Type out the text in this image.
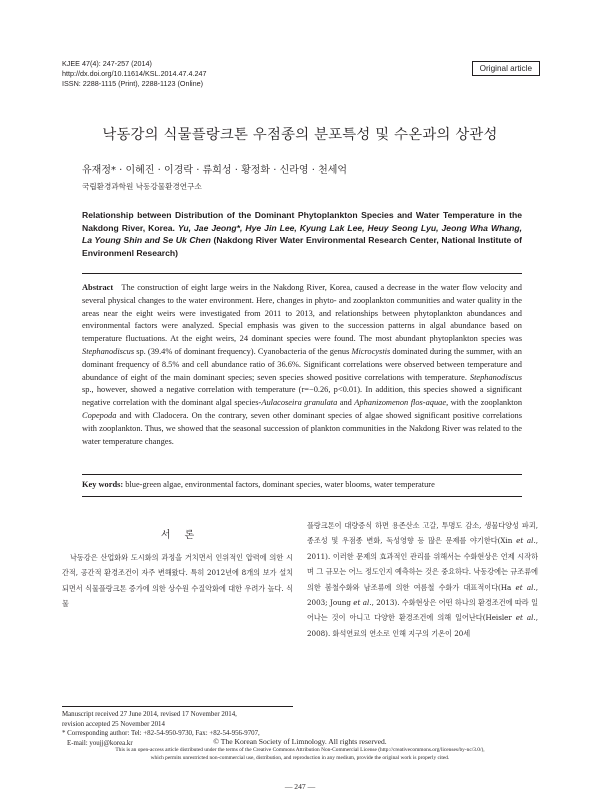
KJEE 47(4): 247-257 (2014)
http://dx.doi.org/10.11614/KSL.2014.47.4.247
ISSN: 2288-1115 (Print), 2288-1123 (Online)
Original article
낙동강의 식물플랑크톤 우점종의 분포특성 및 수온과의 상관성
유재정* · 이혜진 · 이경락 · 류희성 · 황정화 · 신라영 · 천세억
국립환경과학원 낙동강물환경연구소
Relationship between Distribution of the Dominant Phytoplankton Species and Water Temperature in the Nakdong River, Korea. Yu, Jae Jeong*, Hye Jin Lee, Kyung Lak Lee, Heuy Seong Lyu, Jeong Wha Whang, La Young Shin and Se Uk Chen (Nakdong River Water Environmental Research Center, National Institute of Environmenl Research)
Abstract The construction of eight large weirs in the Nakdong River, Korea, caused a decrease in the water flow velocity and several physical changes to the water environment. Here, changes in phyto- and zooplankton communities and water quality in the areas near the eight weirs were investigated from 2011 to 2013, and relationships between phytoplankton abundances and environmental factors were analyzed. Special emphasis was given to the succession patterns in algal abundance based on temperature fluctuations. At the eight weirs, 24 dominant species were found. The most abundant phytoplankton species was Stephanodiscus sp. (39.4% of dominant frequency). Cyanobacteria of the genus Microcystis dominated during the summer, with an dominant frequency of 8.5% and cell abundance ratio of 36.6%. Significant correlations were observed between temperature and abundance of eight of the main dominant species; seven species showed positive correlations with temperature. Stephanodiscus sp., however, showed a negative correlation with temperature (r=−0.26, p<0.01). In addition, this species showed a significant negative correlation with the dominant algal species-Aulacoseira granulata and Aphanizomenon flos-aquae, with the zooplankton Copepoda and with Cladocera. On the contrary, seven other dominant species of algae showed significant positive correlations with zooplankton. Thus, we showed that the seasonal succession of plankton communities in the Nakdong River was related to the water temperature changes.
Key words: blue-green algae, environmental factors, dominant species, water blooms, water temperature
서론

낙동강은 산업화와 도시화의 과정을 거치면서 인위적인 압력에 의한 시간적, 공간적 환경조건이 자주 변해왔다. 특히 2012년에 8개의 보가 설치되면서 식물플랑크톤 증가에 의한 상수원 수질악화에 대한 우려가 높다. 식물

플랑크톤이 대량증식 하면 용존산소 고갈, 투명도 감소, 생물다양성 파괴, 종조성 및 우점종 변화, 독성영향 등 많은 문제를 야기한다(Xin et al., 2011). 이러한 문제의 효과적인 관리를 위해서는 수화현상은 언제 시작하며 그 규모는 어느 정도인지 예측하는 것은 중요하다. 낙동강에는 규조류에 의한 봄철수화와 남조류에 의한 여름철 수화가 대표적이다(Ha et al., 2003; Joung et al., 2013). 수화현상은 어떤 하나의 환경조건에 따라 일어나는 것이 아니고 다양한 환경조건에 의해 일어난다(Heisler et al., 2008). 화석연료의 연소로 인해 지구의 기온이 20세
Manuscript received 27 June 2014, revised 17 November 2014,
revision accepted 25 November 2014
* Corresponding author: Tel: +82-54-950-9730, Fax: +82-54-956-9707,
E-mail: youjj@korea.kr	© The Korean Society of Limnology. All rights reserved.
This is an open-access article distributed under the terms of the Creative Commons Attribution Non-Commercial License (http://creativecommons.org/licenses/by-nc/3.0/),
which permits unrestricted non-commercial use, distribution, and reproduction in any medium, provide the original work is properly cited.
— 247 —
